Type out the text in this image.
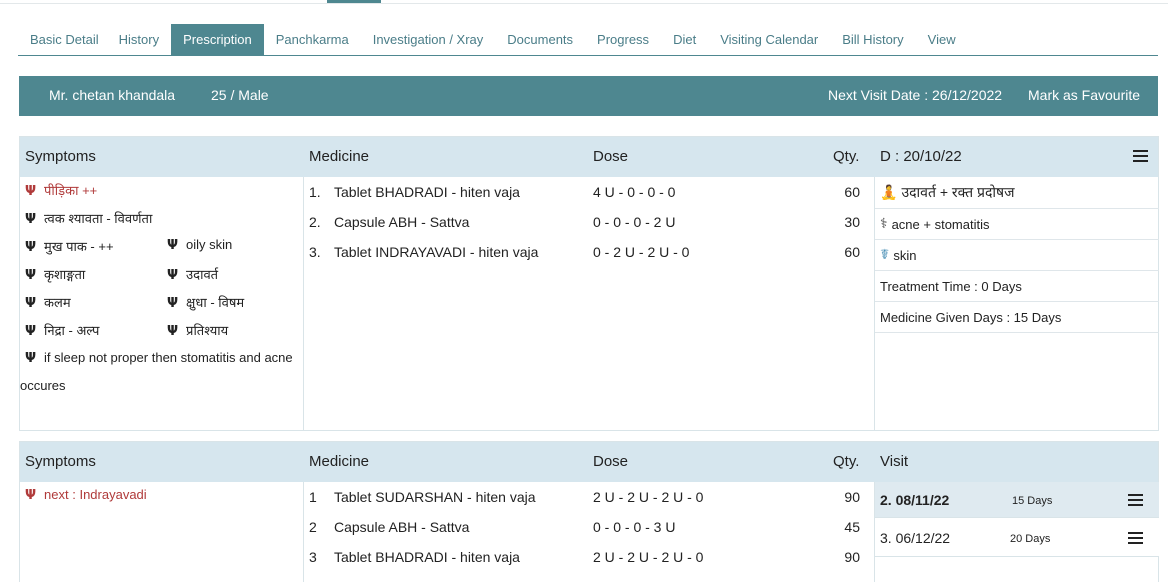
Basic Detail	History	Prescription	Panchkarma	Investigation / Xray	Documents	Progress	Diet	Visiting Calendar	Bill History	View
Mr. chetan khandala	25 / Male	Next Visit Date : 26/12/2022 Mark as Favourite
Symptoms	Medicine	Dose	Qty. D : 20/10/22
Ψ पीड़िका ++
Ψ त्वक श्यावता - विवर्णता
Ψ मुख पाक - ++	Ψ oily skin
Ψ कृशाङ्गता	Ψ उदावर्त
Ψ कलम	Ψ क्षुधा - विषम
Ψ निद्रा - अल्प	Ψ प्रतिश्याय
Ψ if sleep not proper then stomatitis and acne
occures
1. Tablet BHADRADI - hiten vaja	4 U - 0 - 0 - 0	60
2. Capsule ABH - Sattva	0 - 0 - 0 - 2 U	30
3. Tablet INDRAYAVADI - hiten vaja	0 - 2 U - 2 U - 0	60
🧘 उदावर्त + रक्त प्रदोषज
⚕ acne + stomatitis
☤ skin
Treatment Time : 0 Days
Medicine Given Days : 15 Days
Symptoms	Medicine	Dose	Qty. Visit
Ψ next : Indrayavadi	1 Tablet SUDARSHAN - hiten vaja	2 U - 2 U - 2 U - 0	90
2 Capsule ABH - Sattva	0 - 0 - 0 - 3 U	45
3 Tablet BHADRADI - hiten vaja	2 U - 2 U - 2 U - 0	90
2. 08/11/22	15 Days
3. 06/12/22	20 Days
